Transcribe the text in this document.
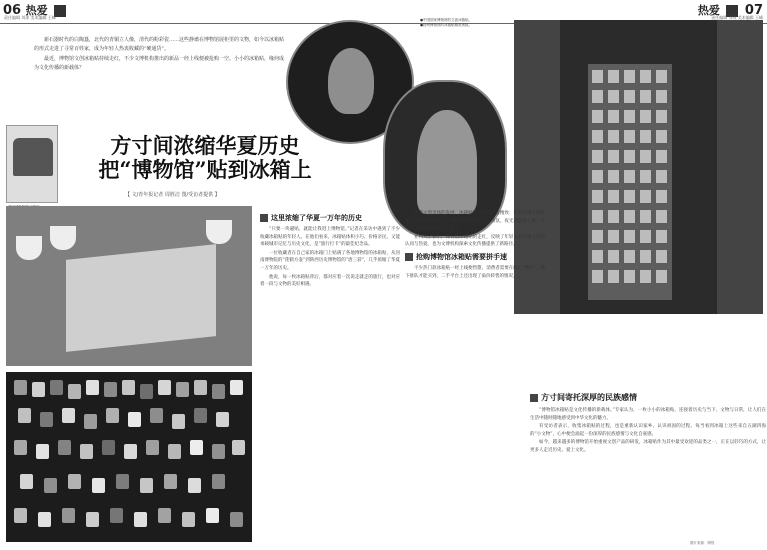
06 热爱
责任编辑 刘琼 美术编辑 王峰
热爱 07
责任编辑 刘琼 美术编辑 王峰

新石器时代的白陶簋，北代的青铜立人像，清代的粉彩瓷……这些静谧在博物馆展柜里的文物，如今以冰箱贴的形式走进了寻常百姓家，成为年轻人热衷收藏的“硬通货”。

最近，博物馆文创冰箱贴持续走红，不少文博机构推出的新品一经上线便被抢购一空。小小的冰箱贴，缘何成为文化传播的新载体？

方寸间浓缩华夏历史
把“博物馆”贴到冰箱上
【 文/青年报记者 周胜洁 图/受访者提供 】
●中国国家博物馆的文创冰箱贴。
●扬州博物馆的冰箱贴精美别致。
这里浓缩了华夏一万年的历史

“只要一块磁贴，就能让我逛上博物馆。”记者在采访中遇到了不少收藏冰箱贴的年轻人。在他们看来，冰箱贴体积小巧、价格亲民，又能承载城市记忆与历史文化，是“旅行打卡”的最佳纪念品。

一位收藏者在自己家的冰箱门上贴满了各地博物馆的冰箱贴，从河南博物院的“莲鹤方壶”到陕西历史博物馆的“唐三彩”，几乎浓缩了华夏一万年的历史。

他说，每一枚冰箱贴背后，都对应着一次说走就走的旅行，也对应着一段与文物的美好相遇。

随着文创市场的发展，冰箱贴的设计也日益精致：有的采用立体浮雕工艺还原文物细节，有的加入可动机关、香氛、夜光等创意元素，让方寸之间的文物“活”了起来。

业内人士表示，博物馆冰箱贴的走红，反映了年轻人对传统文化的认同与热爱，也为文博机构探索文化传播提供了新路径。

抢购博物馆冰箱贴需要拼手速

不少热门款冰箱贴一经上线便售罄，消费者需要在线上“蹲点”、线下排队才能买到，二手平台上还出现了溢价转售的情况。

方寸间寄托深厚的民族感情

“博物馆冰箱贴是文化传播的新载体。”专家认为，一枚小小的冰箱贴，连接着历史与当下、文物与日常，让人们在生活中随时随地感受到中华文化的魅力。

有受访者表示，收集冰箱贴的过程，也是重新认识家乡、认识祖国的过程。每当看到冰箱上这些来自五湖四海的“小文物”，心中便会涌起一份深厚的民族感情与文化自豪感。

如今，越来越多的博物馆开始重视文创产品的研发，冰箱贴作为其中最受欢迎的品类之一，正在以轻巧的方式，让更多人走近历史、爱上文化。

图片来源：网络
